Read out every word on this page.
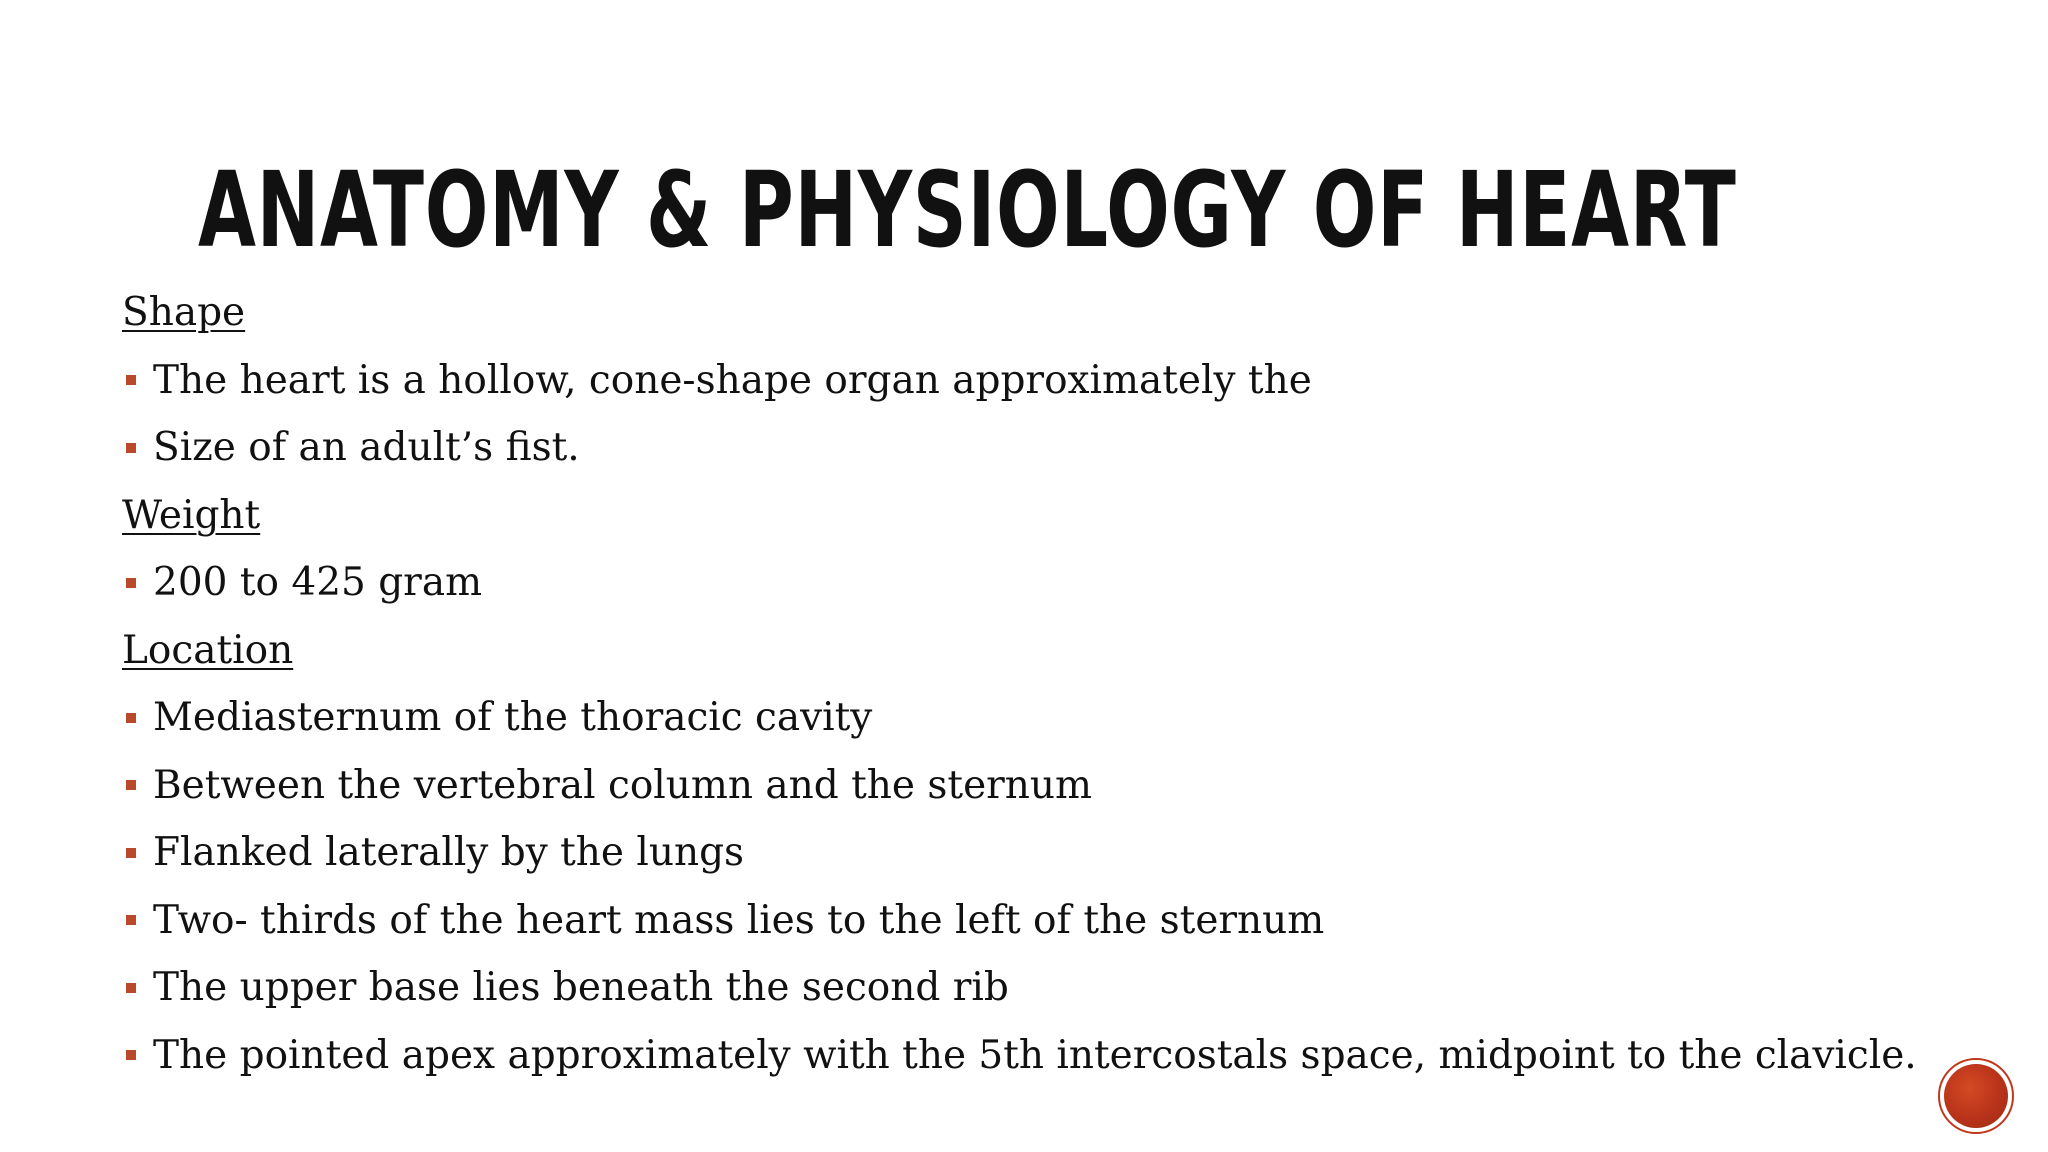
ANATOMY & PHYSIOLOGY OF HEART
Shape
The heart is a hollow, cone-shape organ approximately the
Size of an adult’s fist.
Weight
200 to 425 gram
Location
Mediasternum of the thoracic cavity
Between the vertebral column and the sternum
Flanked laterally by the lungs
Two- thirds of the heart mass lies to the left of the sternum
The upper base lies beneath the second rib
The pointed apex approximately with the 5th intercostals space, midpoint to the clavicle.
